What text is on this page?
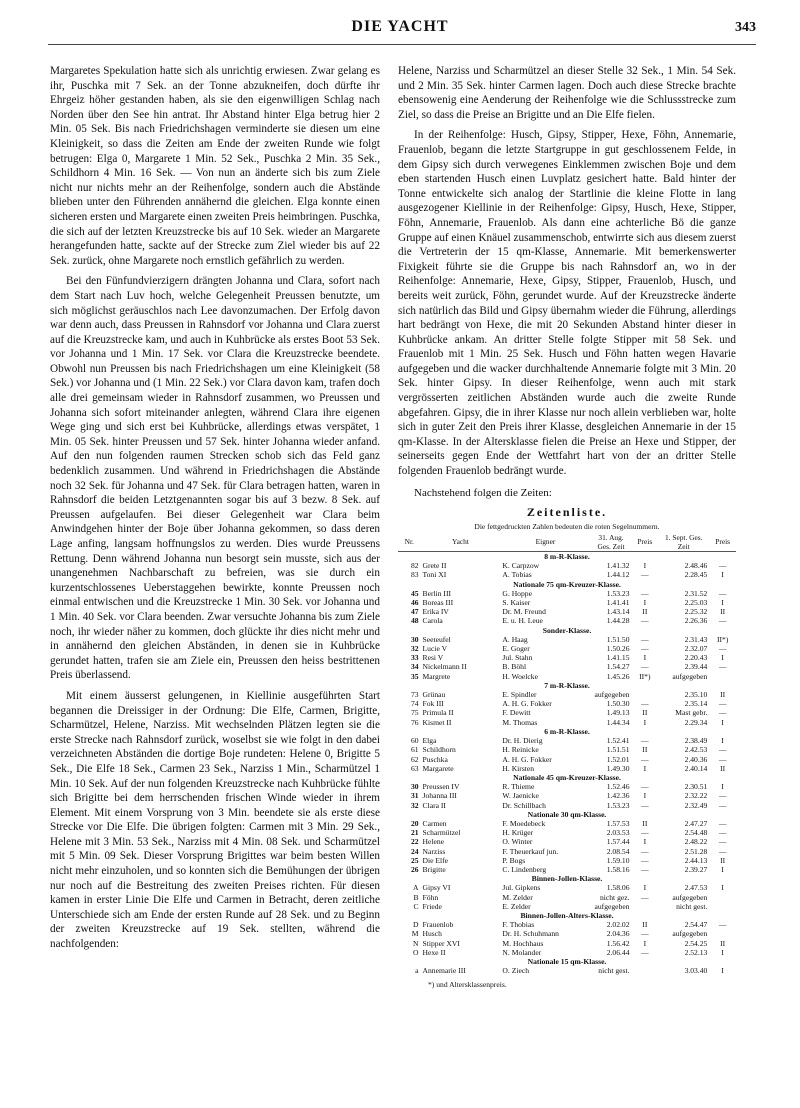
DIE YACHT	343

Margaretes Spekulation hatte sich als unrichtig erwiesen. Zwar gelang es ihr, Puschka mit 7 Sek. an der Tonne abzukneifen, doch dürfte ihr Ehrgeiz höher gestanden haben, als sie den eigenwilligen Schlag nach Norden über den See hin antrat. Ihr Abstand hinter Elga betrug hier 2 Min. 05 Sek. Bis nach Friedrichshagen verminderte sie diesen um eine Kleinigkeit, so dass die Zeiten am Ende der zweiten Runde wie folgt betrugen: Elga 0, Margarete 1 Min. 52 Sek., Puschka 2 Min. 35 Sek., Schildhorn 4 Min. 16 Sek. — Von nun an änderte sich bis zum Ziele nicht nur nichts mehr an der Reihenfolge, sondern auch die Abstände blieben unter den Führenden annähernd die gleichen. Elga konnte einen sicheren ersten und Margarete einen zweiten Preis heimbringen. Puschka, die sich auf der letzten Kreuzstrecke bis auf 10 Sek. wieder an Margarete herangefunden hatte, sackte auf der Strecke zum Ziel wieder bis auf 22 Sek. zurück, ohne Margarete noch ernstlich gefährlich zu werden.

Bei den Fünfundvierzigern drängten Johanna und Clara, sofort nach dem Start nach Luv hoch, welche Gelegenheit Preussen benutzte, um sich möglichst geräuschlos nach Lee davonzumachen. Der Erfolg davon war denn auch, dass Preussen in Rahnsdorf vor Johanna und Clara zuerst auf die Kreuzstrecke kam, und auch in Kuhbrücke als erstes Boot 53 Sek. vor Johanna und 1 Min. 17 Sek. vor Clara die Kreuzstrecke beendete. Obwohl nun Preussen bis nach Friedrichshagen um eine Kleinigkeit (58 Sek.) vor Johanna und (1 Min. 22 Sek.) vor Clara davon kam, trafen doch alle drei gemeinsam wieder in Rahnsdorf zusammen, wo Preussen und Johanna sich sofort miteinander anlegten, während Clara ihre eigenen Wege ging und sich erst bei Kuhbrücke, allerdings etwas verspätet, 1 Min. 05 Sek. hinter Preussen und 57 Sek. hinter Johanna wieder anfand. Auf den nun folgenden raumen Strecken schob sich das Feld ganz bedenklich zusammen. Und während in Friedrichshagen die Abstände noch 32 Sek. für Johanna und 47 Sek. für Clara betragen hatten, waren in Rahnsdorf die beiden Letztgenannten sogar bis auf 3 bezw. 8 Sek. auf Preussen aufgelaufen. Bei dieser Gelegenheit war Clara beim Anwindgehen hinter der Boje über Johanna gekommen, so dass deren Lage anfing, langsam hoffnungslos zu werden. Dies wurde Preussens Rettung. Denn während Johanna nun besorgt sein musste, sich aus der unangenehmen Nachbarschaft zu befreien, was sie durch ein kurzentschlossenes Ueberstaggehen bewirkte, konnte Preussen noch einmal entwischen und die Kreuzstrecke 1 Min. 30 Sek. vor Johanna und 1 Min. 40 Sek. vor Clara beenden. Zwar versuchte Johanna bis zum Ziele noch, ihr wieder näher zu kommen, doch glückte ihr dies nicht mehr und in annähernd den gleichen Abständen, in denen sie in Kuhbrücke gerundet hatten, trafen sie am Ziele ein, Preussen den heiss bestrittenen Preis überlassend.

Mit einem äusserst gelungenen, in Kiellinie ausgeführten Start begannen die Dreissiger in der Ordnung: Die Elfe, Carmen, Brigitte, Scharmützel, Helene, Narziss. Mit wechselnden Plätzen legten sie die erste Strecke nach Rahnsdorf zurück, woselbst sie wie folgt in den dabei verzeichneten Abständen die dortige Boje rundeten: Helene 0, Brigitte 5 Sek., Die Elfe 18 Sek., Carmen 23 Sek., Narziss 1 Min., Scharmützel 1 Min. 10 Sek. Auf der nun folgenden Kreuzstrecke nach Kuhbrücke fühlte sich Brigitte bei dem herrschenden frischen Winde wieder in ihrem Element. Mit einem Vorsprung von 3 Min. beendete sie als erste diese Strecke vor Die Elfe. Die übrigen folgten: Carmen mit 3 Min. 29 Sek., Helene mit 3 Min. 53 Sek., Narziss mit 4 Min. 08 Sek. und Scharmützel mit 5 Min. 09 Sek. Dieser Vorsprung Brigittes war beim besten Willen nicht mehr einzuholen, und so konnten sich die Bemühungen der übrigen nur noch auf die Bestreitung des zweiten Preises richten. Für diesen kamen in erster Linie Die Elfe und Carmen in Betracht, deren zeitliche Unterschiede sich am Ende der ersten Runde auf 28 Sek. und zu Beginn der zweiten Kreuzstrecke auf 19 Sek. stellten, während die nachfolgenden:

Helene, Narziss und Scharmützel an dieser Stelle 32 Sek., 1 Min. 54 Sek. und 2 Min. 35 Sek. hinter Carmen lagen. Doch auch diese Strecke brachte ebensowenig eine Aenderung der Reihenfolge wie die Schlussstrecke zum Ziel, so dass die Preise an Brigitte und an Die Elfe fielen.

In der Reihenfolge: Husch, Gipsy, Stipper, Hexe, Föhn, Annemarie, Frauenlob, begann die letzte Startgruppe in gut geschlossenem Felde, in dem Gipsy sich durch verwegenes Einklemmen zwischen Boje und dem eben startenden Husch einen Luvplatz gesichert hatte. Bald hinter der Tonne entwickelte sich analog der Startlinie die kleine Flotte in lang ausgezogener Kiellinie in der Reihenfolge: Gipsy, Husch, Hexe, Stipper, Föhn, Annemarie, Frauenlob. Als dann eine achterliche Bö die ganze Gruppe auf einen Knäuel zusammenschob, entwirrte sich aus diesem zuerst die Vertreterin der 15 qm-Klasse, Annemarie. Mit bemerkenswerter Fixigkeit führte sie die Gruppe bis nach Rahnsdorf an, wo in der Reihenfolge: Annemarie, Hexe, Gipsy, Stipper, Frauenlob, Husch, und bereits weit zurück, Föhn, gerundet wurde. Auf der Kreuzstrecke änderte sich natürlich das Bild und Gipsy übernahm wieder die Führung, allerdings hart bedrängt von Hexe, die mit 20 Sekunden Abstand hinter dieser in Kuhbrücke ankam. An dritter Stelle folgte Stipper mit 58 Sek. und Frauenlob mit 1 Min. 25 Sek. Husch und Föhn hatten wegen Havarie aufgegeben und die wacker durchhaltende Annemarie folgte mit 3 Min. 20 Sek. hinter Gipsy. In dieser Reihenfolge, wenn auch mit stark vergrösserten zeitlichen Abständen wurde auch die zweite Runde abgefahren. Gipsy, die in ihrer Klasse nur noch allein verblieben war, holte sich in guter Zeit den Preis ihrer Klasse, desgleichen Annemarie in der 15 qm-Klasse. In der Altersklasse fielen die Preise an Hexe und Stipper, der seinerseits gegen Ende der Wettfahrt hart von der an dritter Stelle folgenden Frauenlob bedrängt wurde.

Nachstehend folgen die Zeiten:
Zeitenliste.
Die fettgedruckten Zahlen bedeuten die roten Segelnummern.
Nr.	Yacht	Eigner	31. Aug. Ges. Zeit	Preis	1. Sept. Ges. Zeit	Preis
8 m-R-Klasse.						
82	Grete II	K. Carpzow	1.41.32	I	2.48.46	—
83	Toni XI	A. Tobias	1.44.12	—	2.28.45	I
Nationale 75 qm-Kreuzer-Klasse.						
45	Berlin III	G. Hoppe	1.53.23	—	2.31.52	—
46	Boreas III	S. Kaiser	1.41.41	I	2.25.03	I
47	Erika IV	Dr. M. Freund	1.43.14	II	2.25.32	II
48	Carola	E. u. H. Leue	1.44.28	—	2.26.36	—
Sonder-Klasse.						
30	Seeteufel	A. Haag	1.51.50	—	2.31.43	II*)
32	Lucie V	E. Goger	1.50.26	—	2.32.07	—
33	Resi V	Jul. Stahn	1.41.15	I	2.20.43	I
34	Nickelmann II	B. Böhl	1.54.27	—	2.39.44	—
35	Margrete	H. Woelcke	1.45.26	II*)	aufgegeben	
7 m-R-Klasse.						
73	Grünau	E. Spindler	aufgegeben		2.35.10	II
74	Fok III	A. H. G. Fokker	1.50.30	—	2.35.14	—
75	Primula II	F. Dewitt	1.49.13	II	Mast gebr.	—
76	Kismet II	M. Thomas	1.44.34	I	2.29.34	I
6 m-R-Klasse.						
60	Elga	Dr. H. Dierig	1.52.41	—	2.38.49	I
61	Schildhorn	H. Reinicke	1.51.51	II	2.42.53	—
62	Puschka	A. H. G. Fokker	1.52.01	—	2.40.36	—
63	Margarete	H. Kirsten	1.49.30	I	2.40.14	II
Nationale 45 qm-Kreuzer-Klasse.						
30	Preussen IV	R. Thieme	1.52.46	—	2.30.51	I
31	Johanna III	W. Jaenicke	1.42.36	I	2.32.22	—
32	Clara II	Dr. Schillbach	1.53.23	—	2.32.49	—
Nationale 30 qm-Klasse.						
20	Carmen	F. Moedebeck	1.57.53	II	2.47.27	—
21	Scharmützel	H. Krüger	2.03.53	—	2.54.48	—
22	Helene	O. Winter	1.57.44	I	2.48.22	—
24	Narziss	F. Theuerkauf jun.	2.08.54	—	2.51.28	—
25	Die Elfe	P. Bogs	1.59.10	—	2.44.13	II
26	Brigitte	C. Lindenberg	1.58.16	—	2.39.27	I
Binnen-Jollen-Klasse.						
A	Gipsy VI	Jul. Gipkens	1.58.06	I	2.47.53	I
B	Föhn	M. Zelder	nicht gez.	—	aufgegeben	
C	Friede	E. Zelder	aufgegeben		nicht gest.	
Binnen-Jollen-Alters-Klasse.						
D	Frauenlob	F. Thobias	2.02.02	II	2.54.47	—
M	Husch	Dr. H. Schuhmann	2.04.36	—	aufgegeben	
N	Stipper XVI	M. Hochhaus	1.56.42	I	2.54.25	II
O	Hexe II	N. Molander	2.06.44	—	2.52.13	I
Nationale 15 qm-Klasse.						
a	Annemarie III	O. Ziech	nicht gest.		3.03.40	I
*) und Altersklassenpreis.
